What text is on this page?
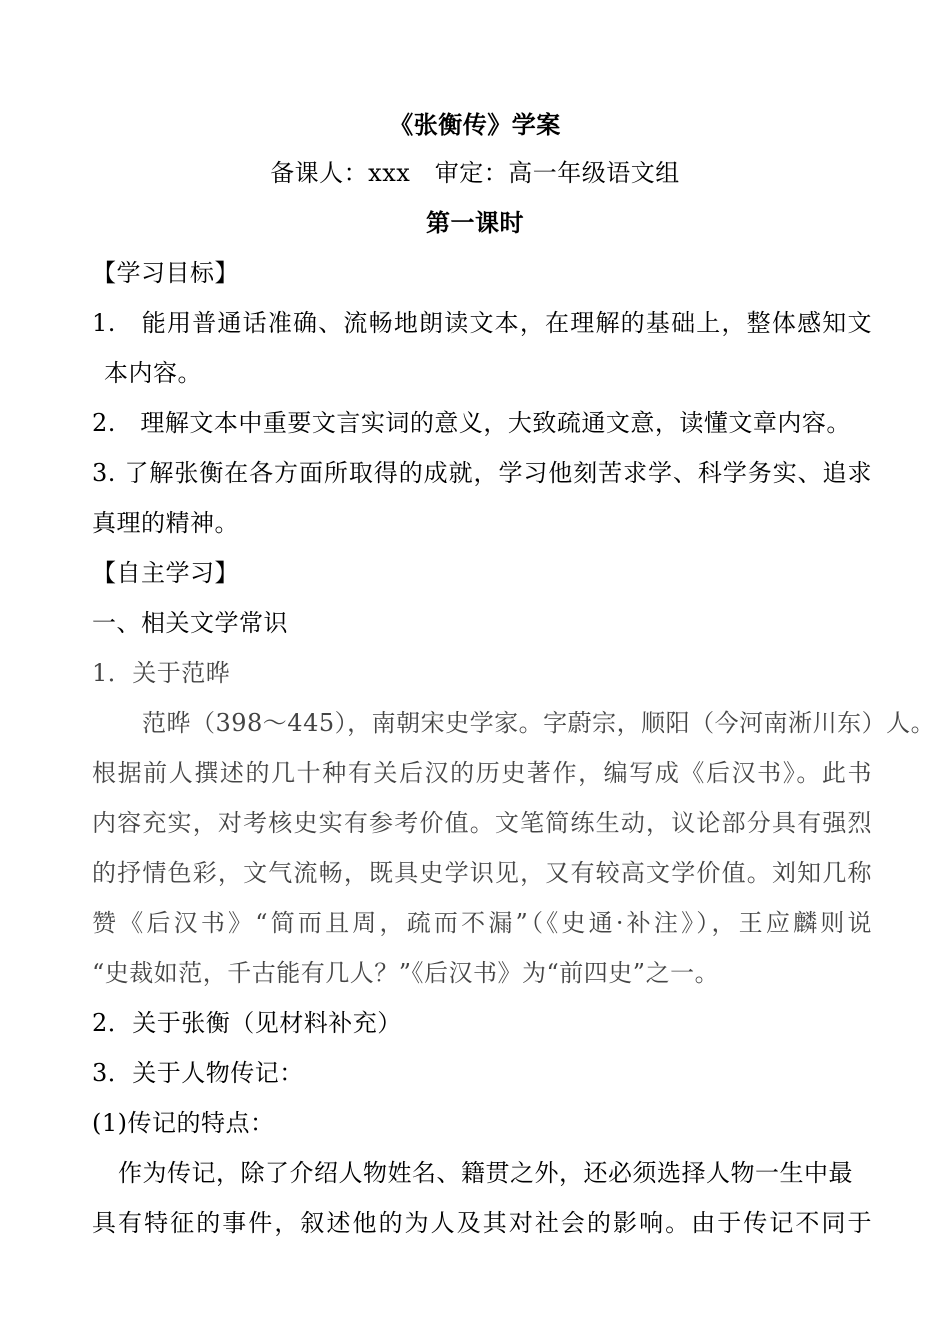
《张衡传》学案
备课人：xxx　审定：高一年级语文组
第一课时
【学习目标】
1.　能用普通话准确、流畅地朗读文本，在理解的基础上，整体感知文
本内容。
2.　理解文本中重要文言实词的意义，大致疏通文意，读懂文章内容。
3. 了解张衡在各方面所取得的成就，学习他刻苦求学、科学务实、追求
真理的精神。
【自主学习】
一、相关文学常识
1．关于范晔
范晔（398～445），南朝宋史学家。字蔚宗，顺阳（今河南淅川东）人。
根据前人撰述的几十种有关后汉的历史著作，编写成《后汉书》。此书
内容充实，对考核史实有参考价值。文笔简练生动，议论部分具有强烈
的抒情色彩，文气流畅，既具史学识见，又有较高文学价值。刘知几称
赞《后汉书》“简而且周，疏而不漏”（《史通·补注》），王应麟则说
“史裁如范，千古能有几人？”《后汉书》为“前四史”之一。
2．关于张衡（见材料补充）
3．关于人物传记：
(1)传记的特点：
作为传记，除了介绍人物姓名、籍贯之外，还必须选择人物一生中最
具有特征的事件，叙述他的为人及其对社会的影响。由于传记不同于
